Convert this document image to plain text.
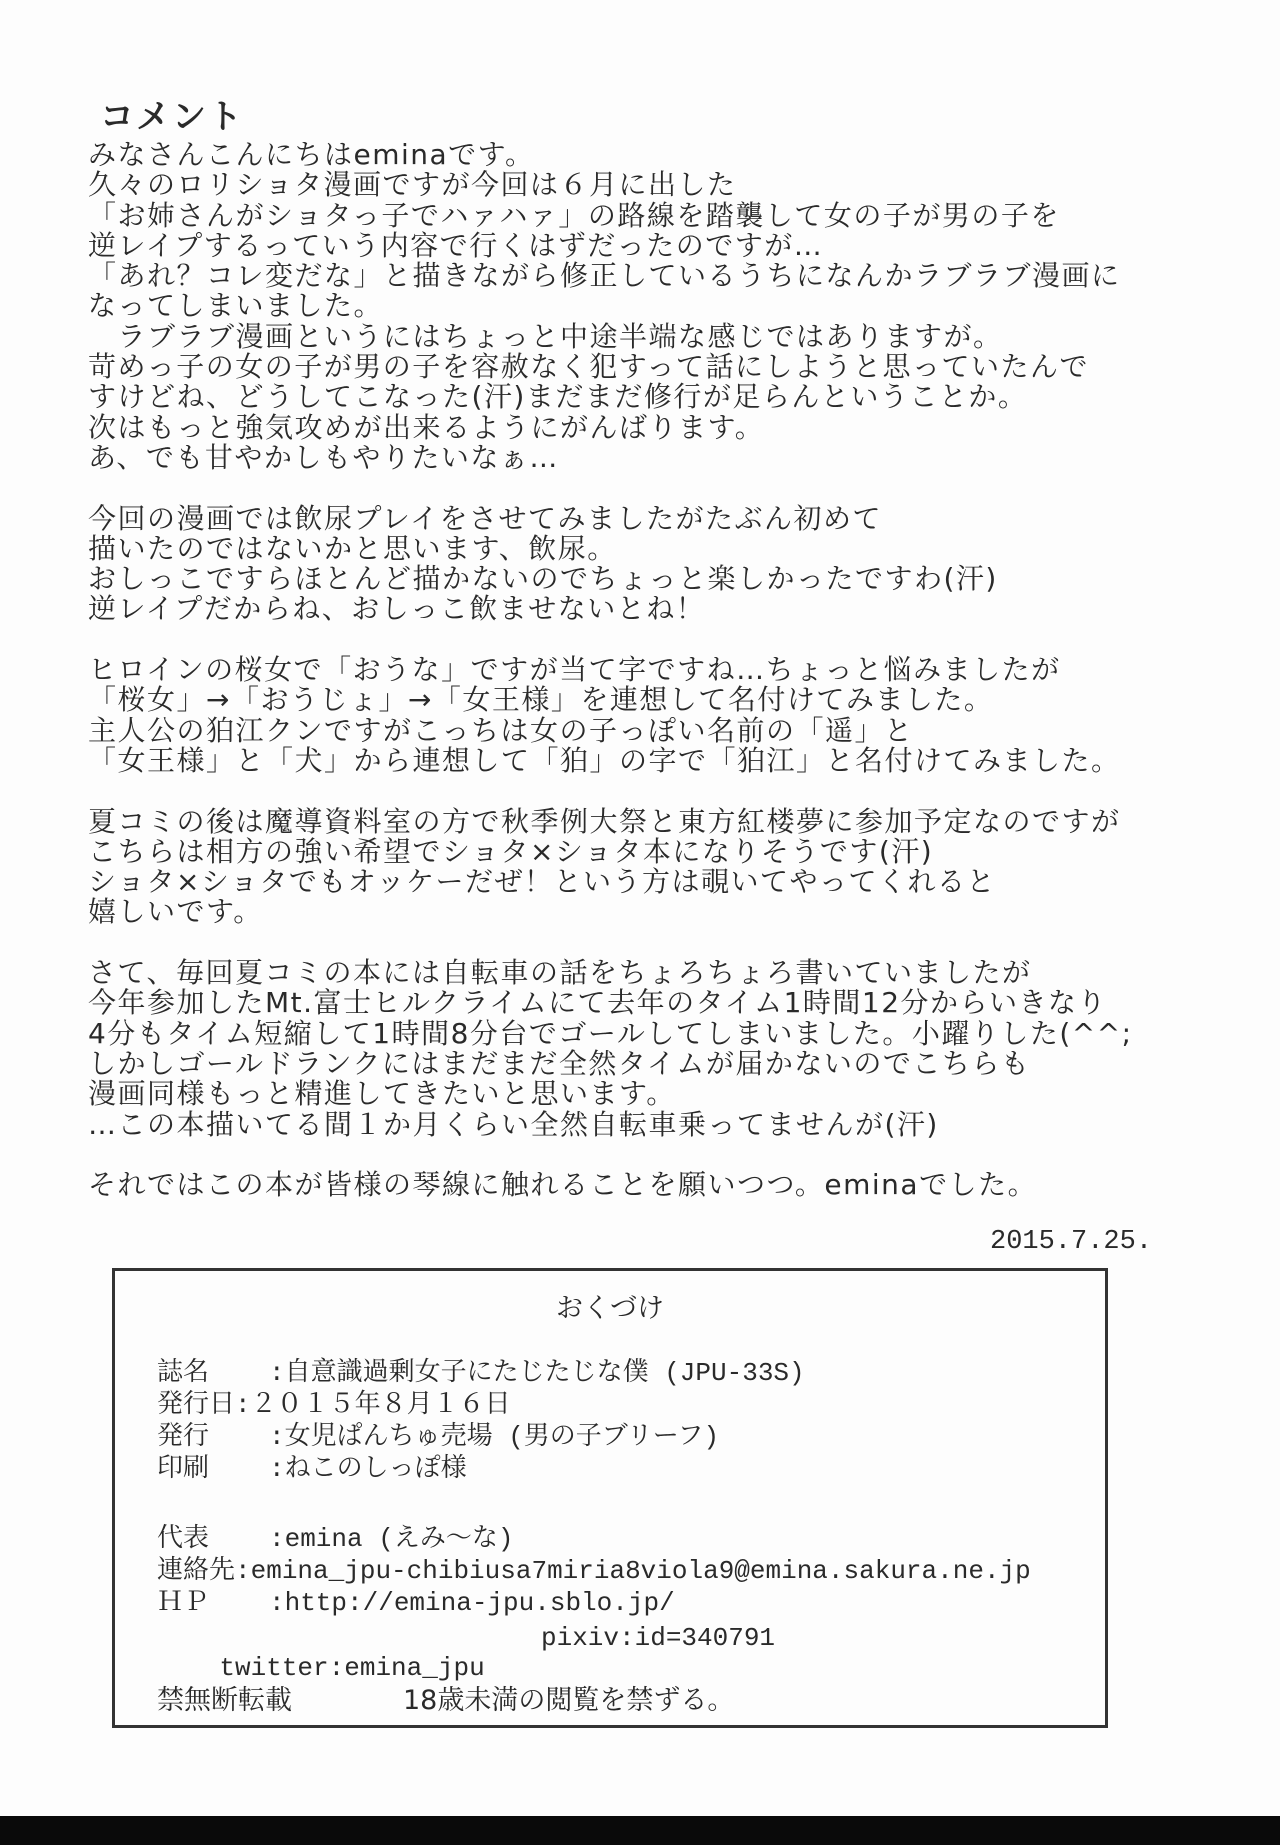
コメント
みなさんこんにちはeminaです。
久々のロリショタ漫画ですが今回は６月に出した
「お姉さんがショタっ子でハァハァ」の路線を踏襲して女の子が男の子を
逆レイプするっていう内容で行くはずだったのですが…
「あれ？コレ変だな」と描きながら修正しているうちになんかラブラブ漫画に
なってしまいました。
　ラブラブ漫画というにはちょっと中途半端な感じではありますが。
苛めっ子の女の子が男の子を容赦なく犯すって話にしようと思っていたんで
すけどね、どうしてこなった(汗)まだまだ修行が足らんということか。
次はもっと強気攻めが出来るようにがんばります。
あ、でも甘やかしもやりたいなぁ…
今回の漫画では飲尿プレイをさせてみましたがたぶん初めて
描いたのではないかと思います、飲尿。
おしっこですらほとんど描かないのでちょっと楽しかったですわ(汗)
逆レイプだからね、おしっこ飲ませないとね！
ヒロインの桜女で「おうな」ですが当て字ですね…ちょっと悩みましたが
「桜女」→「おうじょ」→「女王様」を連想して名付けてみました。
主人公の狛江クンですがこっちは女の子っぽい名前の「遥」と
「女王様」と「犬」から連想して「狛」の字で「狛江」と名付けてみました。
夏コミの後は魔導資料室の方で秋季例大祭と東方紅楼夢に参加予定なのですが
こちらは相方の強い希望でショタ×ショタ本になりそうです(汗)
ショタ×ショタでもオッケーだぜ！という方は覗いてやってくれると
嬉しいです。
さて、毎回夏コミの本には自転車の話をちょろちょろ書いていましたが
今年参加したMt.富士ヒルクライムにて去年のタイム1時間12分からいきなり
4分もタイム短縮して1時間8分台でゴールしてしまいました。小躍りした(^^;
しかしゴールドランクにはまだまだ全然タイムが届かないのでこちらも
漫画同様もっと精進してきたいと思います。
…この本描いてる間１か月くらい全然自転車乗ってませんが(汗)
それではこの本が皆様の琴線に触れることを願いつつ。eminaでした。
2015.7.25.
おくづけ
誌名 :自意識過剰女子にたじたじな僕 (JPU-33S)
発行日:２０１５年８月１６日
発行 :女児ぱんちゅ売場 (男の子ブリーフ)
印刷 :ねこのしっぽ様
代表 :emina (えみ～な)
連絡先:emina_jpu-chibiusa7miria8viola9@emina.sakura.ne.jp
ＨＰ :http://emina-jpu.sblo.jp/

twitter:emina_jpu

pixiv:id=340791

禁無断転載	18歳未満の閲覧を禁ずる。
